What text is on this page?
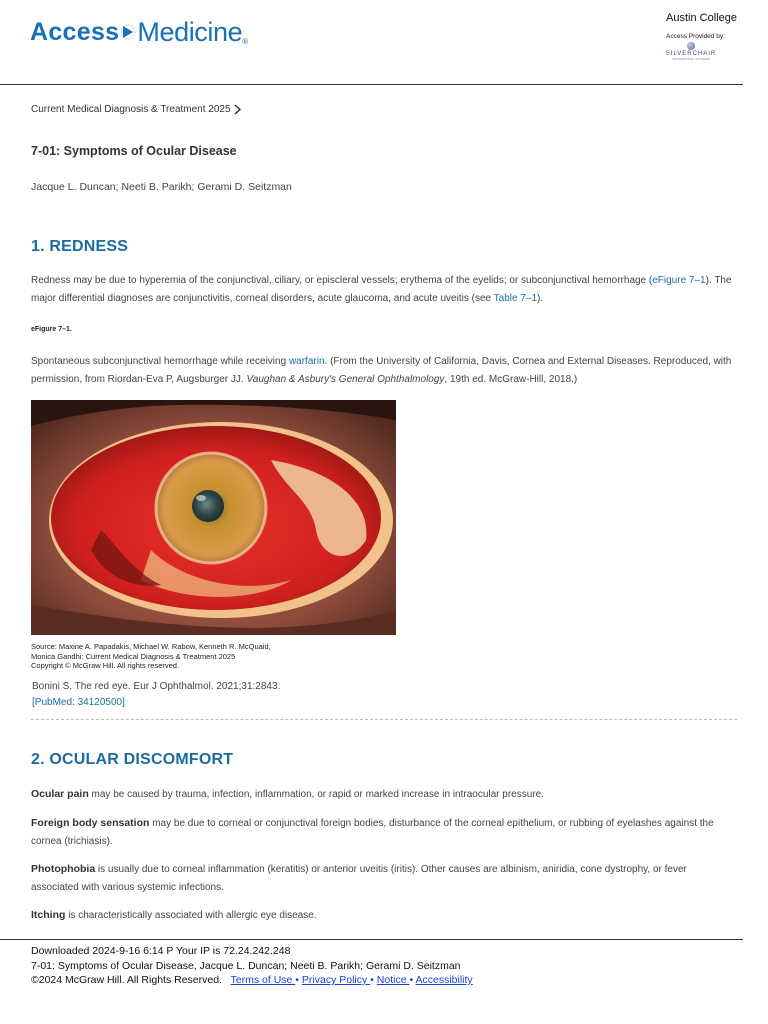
Access Medicine ®
Austin College
Access Provided by:
SILVERCHAIR
INFORMATION / SYSTEMS
Current Medical Diagnosis & Treatment 2025
7-01: Symptoms of Ocular Disease
Jacque L. Duncan; Neeti B. Parikh; Gerami D. Seitzman
1. REDNESS

Redness may be due to hyperemia of the conjunctival, ciliary, or episcleral vessels; erythema of the eyelids; or subconjunctival hemorrhage (eFigure 7–1). The major differential diagnoses are conjunctivitis, corneal disorders, acute glaucoma, and acute uveitis (see Table 7–1).

eFigure 7–1.

Spontaneous subconjunctival hemorrhage while receiving warfarin. (From the University of California, Davis, Cornea and External Diseases. Reproduced, with permission, from Riordan-Eva P, Augsburger JJ. Vaughan & Asbury's General Ophthalmology, 19th ed. McGraw-Hill, 2018.)

Source: Maxine A. Papadakis, Michael W. Rabow, Kenneth R. McQuaid,
Monica Gandhi: Current Medical Diagnosis & Treatment 2025
Copyright © McGraw Hill. All rights reserved.
Bonini S. The red eye. Eur J Ophthalmol. 2021;31:2843.
[PubMed: 34120500]
2. OCULAR DISCOMFORT

Ocular pain may be caused by trauma, infection, inflammation, or rapid or marked increase in intraocular pressure.

Foreign body sensation may be due to corneal or conjunctival foreign bodies, disturbance of the corneal epithelium, or rubbing of eyelashes against the cornea (trichiasis).

Photophobia is usually due to corneal inflammation (keratitis) or anterior uveitis (iritis). Other causes are albinism, aniridia, cone dystrophy, or fever associated with various systemic infections.

Itching is characteristically associated with allergic eye disease.

Downloaded 2024-9-16 6:14 P Your IP is 72.24.242.248
7-01: Symptoms of Ocular Disease, Jacque L. Duncan; Neeti B. Parikh; Gerami D. Seitzman
©2024 McGraw Hill. All Rights Reserved. Terms of Use • Privacy Policy • Notice • Accessibility
